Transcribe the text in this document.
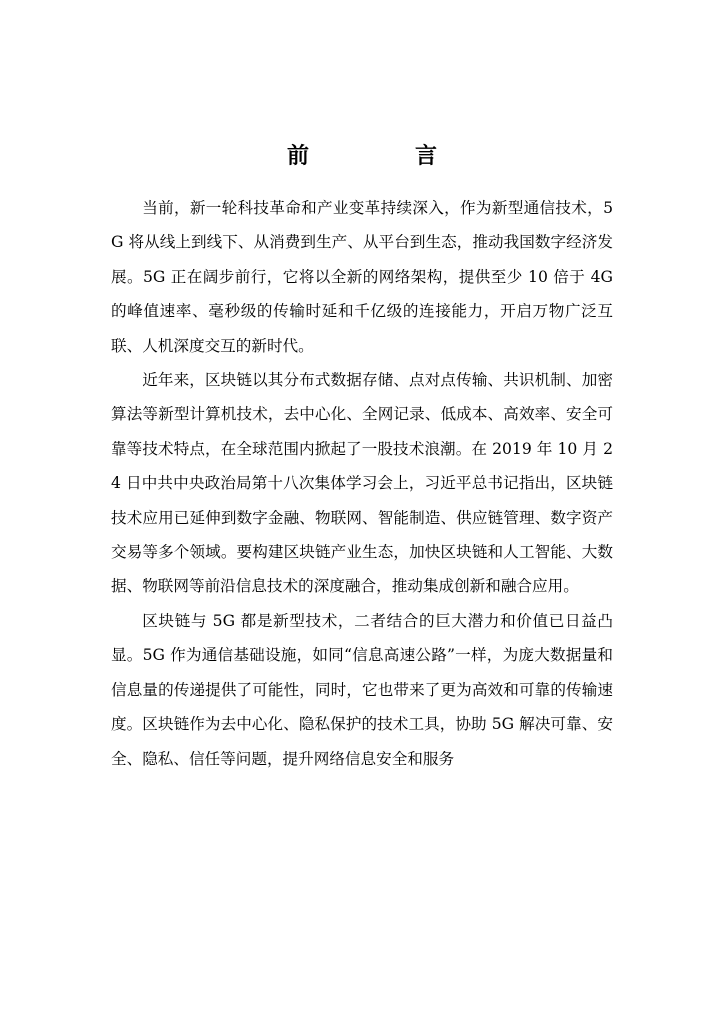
前　言

当前，新一轮科技革命和产业变革持续深入，作为新型通信技术，5G 将从线上到线下、从消费到生产、从平台到生态，推动我国数字经济发展。5G 正在阔步前行，它将以全新的网络架构，提供至少 10 倍于 4G 的峰值速率、毫秒级的传输时延和千亿级的连接能力，开启万物广泛互联、人机深度交互的新时代。

近年来，区块链以其分布式数据存储、点对点传输、共识机制、加密算法等新型计算机技术，去中心化、全网记录、低成本、高效率、安全可靠等技术特点，在全球范围内掀起了一股技术浪潮。在 2019 年 10 月 24 日中共中央政治局第十八次集体学习会上，习近平总书记指出，区块链技术应用已延伸到数字金融、物联网、智能制造、供应链管理、数字资产交易等多个领域。要构建区块链产业生态，加快区块链和人工智能、大数据、物联网等前沿信息技术的深度融合，推动集成创新和融合应用。

区块链与 5G 都是新型技术，二者结合的巨大潜力和价值已日益凸显。5G 作为通信基础设施，如同“信息高速公路”一样，为庞大数据量和信息量的传递提供了可能性，同时，它也带来了更为高效和可靠的传输速度。区块链作为去中心化、隐私保护的技术工具，协助 5G 解决可靠、安全、隐私、信任等问题，提升网络信息安全和服务
